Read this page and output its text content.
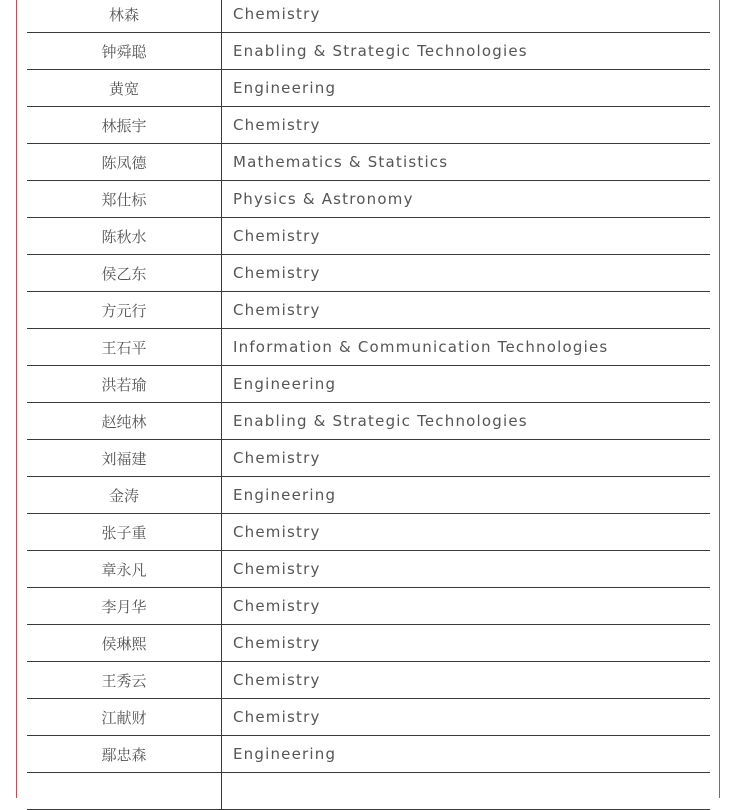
林森	Chemistry
钟舜聪	Enabling & Strategic Technologies
黄宽	Engineering
林振宇	Chemistry
陈凤德	Mathematics & Statistics
郑仕标	Physics & Astronomy
陈秋水	Chemistry
侯乙东	Chemistry
方元行	Chemistry
王石平	Information & Communication Technologies
洪若瑜	Engineering
赵纯林	Enabling & Strategic Technologies
刘福建	Chemistry
金涛	Engineering
张子重	Chemistry
章永凡	Chemistry
李月华	Chemistry
侯琳熙	Chemistry
王秀云	Chemistry
江献财	Chemistry
鄢忠森	Engineering
